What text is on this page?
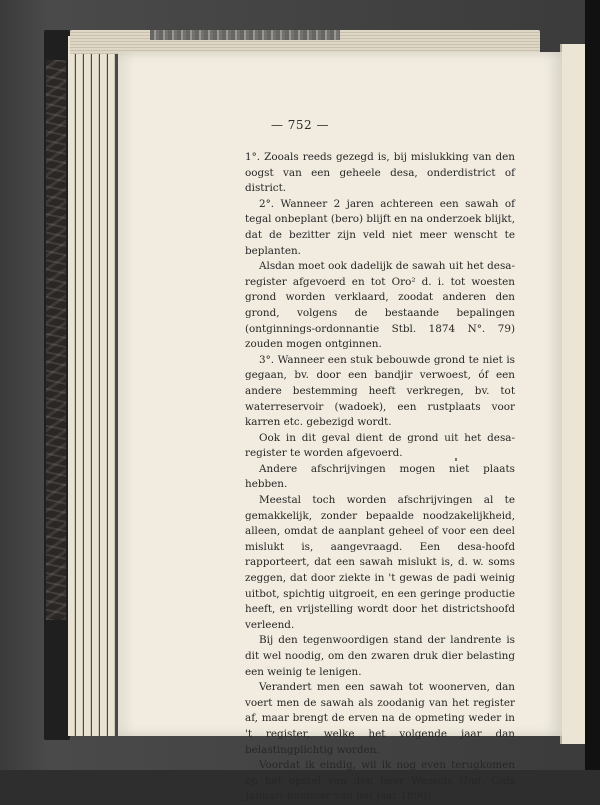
— 752 —

1°. Zooals reeds gezegd is, bij mislukking van den oogst van een geheele desa, onderdistrict of district.

2°. Wanneer 2 jaren achtereen een sawah of tegal onbeplant (bero) blijft en na onderzoek blijkt, dat de bezitter zijn veld niet meer wenscht te beplanten.

Alsdan moet ook dadelijk de sawah uit het desa-register afgevoerd en tot Oro² d. i. tot woesten grond worden verklaard, zoodat anderen den grond, volgens de bestaande bepalingen (ontginnings-ordonnantie Stbl. 1874 N°. 79) zouden mogen ontginnen.

3°. Wanneer een stuk bebouwde grond te niet is gegaan, bv. door een bandjir verwoest, óf een andere bestemming heeft verkregen, bv. tot waterreservoir (wadoek), een rustplaats voor karren etc. gebezigd wordt.

Ook in dit geval dient de grond uit het desa-register te worden afgevoerd.

Andere afschrijvingen mogen niet plaats hebben.

Meestal toch worden afschrijvingen al te gemakkelijk, zonder bepaalde noodzakelijkheid, alleen, omdat de aanplant geheel of voor een deel mislukt is, aangevraagd. Een desa-hoofd rapporteert, dat een sawah mislukt is, d. w. soms zeggen, dat door ziekte in 't gewas de padi weinig uitbot, spichtig uitgroeit, en een geringe productie heeft, en vrijstelling wordt door het districtshoofd verleend.

Bij den tegenwoordigen stand der landrente is dit wel noodig, om den zwaren druk dier belasting een weinig te lenigen.

Verandert men een sawah tot woonerven, dan voert men de sawah als zoodanig van het register af, maar brengt de erven na de opmeting weder in 't register, welke het volgende jaar dan belastingplichtig worden.

Voordat ik eindig, wil ik nog even terugkomen op het opstel van den heer Wessels (Ind. Gids Januari-nummer van het jaar 1890).
